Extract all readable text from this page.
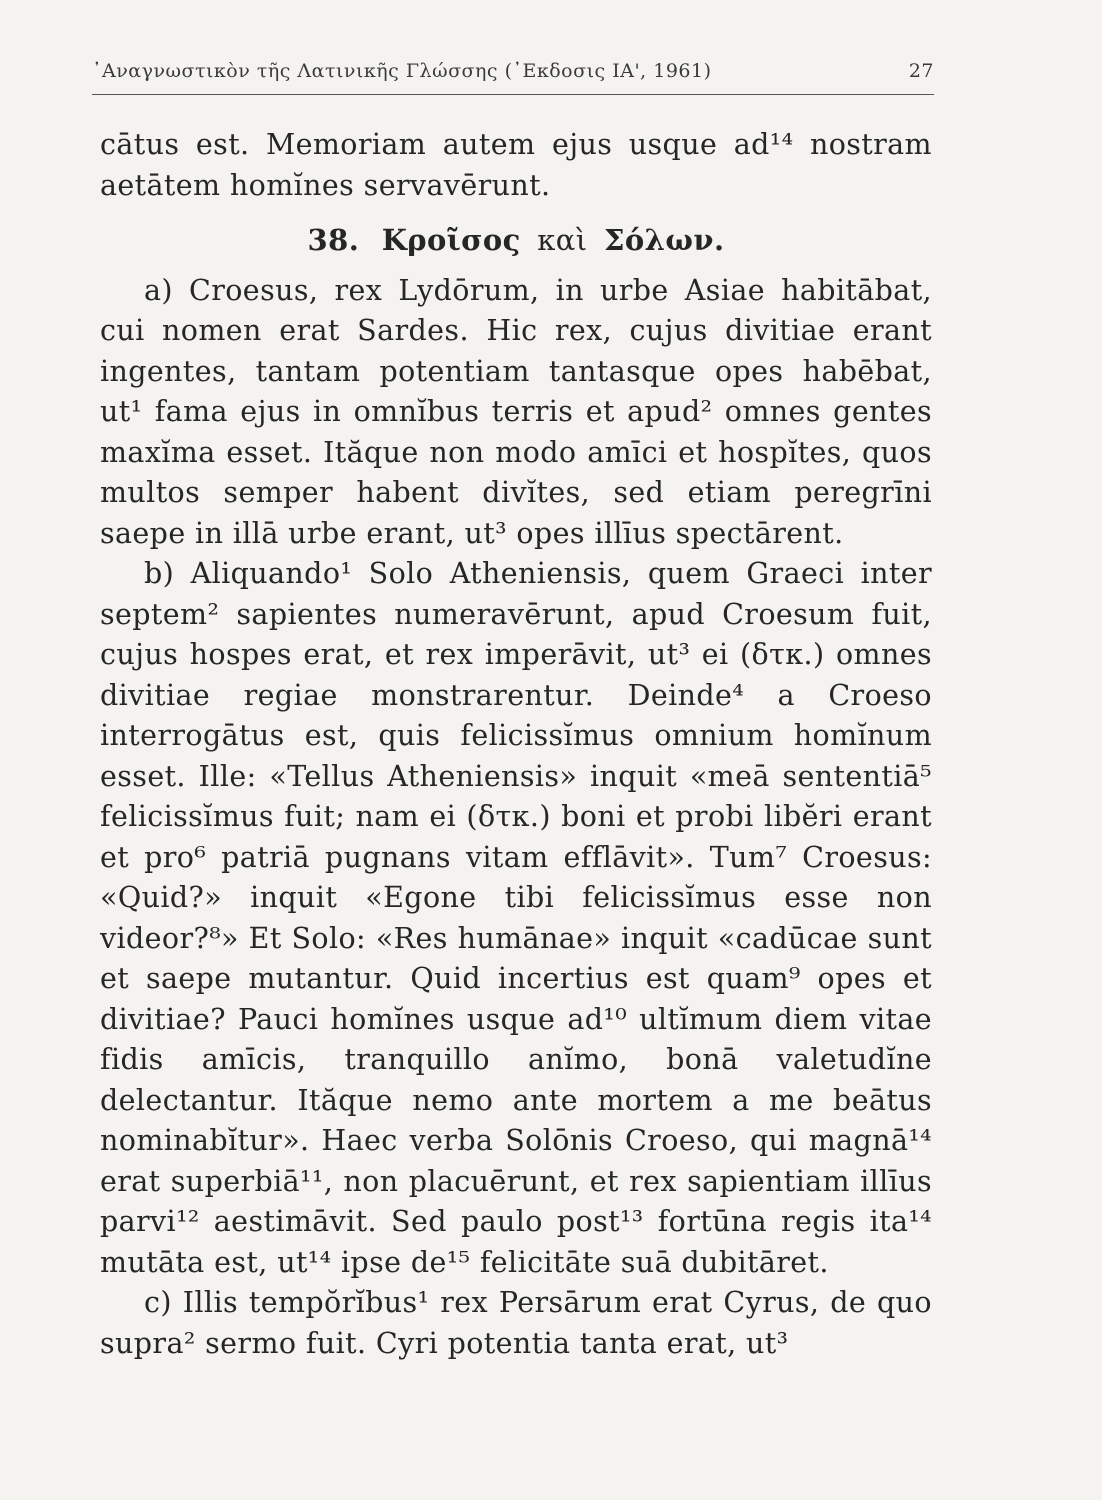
᾿Αναγνωστικὸν τῆς Λατινικῆς Γλώσσης (᾿Εκδοσις ΙΑ', 1961)	27

cātus est. Memoriam autem ejus usque ad¹⁴ nostram aetātem homĭnes servavērunt.

38. Κροῖσος καὶ Σόλων.

a) Croesus, rex Lydōrum, in urbe Asiae habitābat, cui nomen erat Sardes. Hic rex, cujus divitiae erant ingentes, tantam potentiam tantasque opes habēbat, ut¹ fama ejus in omnĭbus terris et apud² omnes gentes maxĭma esset. Ităque non modo amīci et hospĭtes, quos multos semper habent divĭtes, sed etiam peregrīni saepe in illā urbe erant, ut³ opes illīus spectārent.

b) Aliquando¹ Solo Atheniensis, quem Graeci inter septem² sapientes numeravērunt, apud Croesum fuit, cujus hospes erat, et rex imperāvit, ut³ ei (δτκ.) omnes divitiae regiae monstrarentur. Deinde⁴ a Croeso interrogātus est, quis felicissĭmus omnium homĭnum esset. Ille: «Tellus Atheniensis» inquit «meā sententiā⁵ felicissĭmus fuit; nam ei (δτκ.) boni et probi libĕri erant et pro⁶ patriā pugnans vitam efflāvit». Tum⁷ Croesus: «Quid?» inquit «Egone tibi felicissĭmus esse non videor?⁸» Et Solo: «Res humānae» inquit «cadūcae sunt et saepe mutantur. Quid incertius est quam⁹ opes et divitiae? Pauci homĭnes usque ad¹⁰ ultĭmum diem vitae fidis amīcis, tranquillo anĭmo, bonā valetudĭne delectantur. Ităque nemo ante mortem a me beātus nominabĭtur». Haec verba Solōnis Croeso, qui magnā¹⁴ erat superbiā¹¹, non placuērunt, et rex sapientiam illīus parvi¹² aestimāvit. Sed paulo post¹³ fortūna regis ita¹⁴ mutāta est, ut¹⁴ ipse de¹⁵ felicitāte suā dubitāret.

c) Illis tempŏrĭbus¹ rex Persārum erat Cyrus, de quo supra² sermo fuit. Cyri potentia tanta erat, ut³
